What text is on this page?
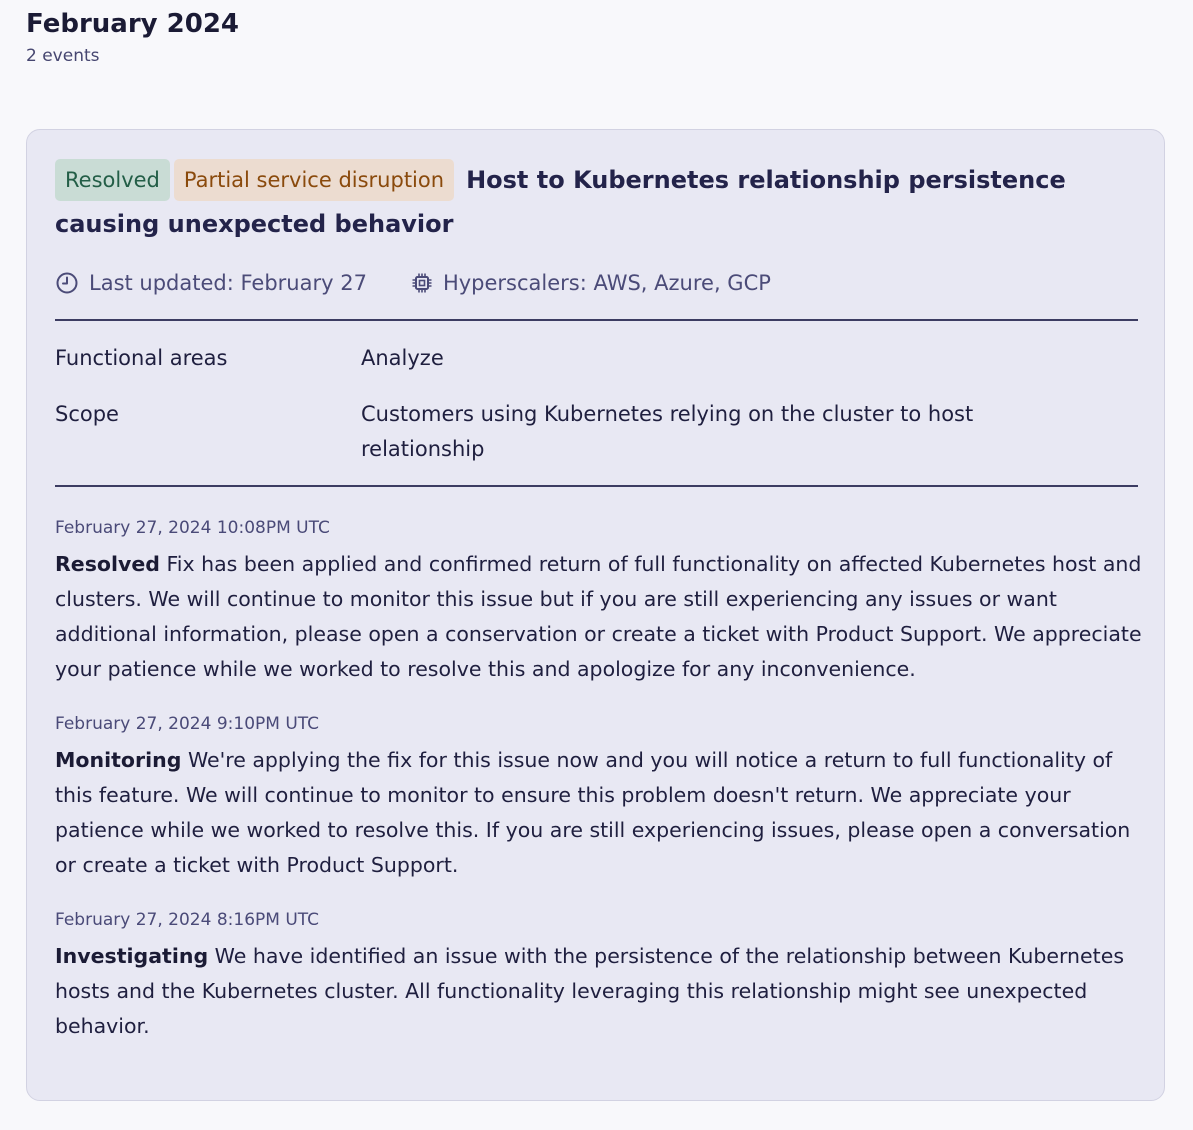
February 2024
2 events
Resolved Partial service disruption Host to Kubernetes relationship persistence causing unexpected behavior
Last updated: February 27	Hyperscalers: AWS, Azure, GCP
Functional areas	Analyze
Scope	Customers using Kubernetes relying on the cluster to host relationship
February 27, 2024 10:08PM UTC
Resolved Fix has been applied and confirmed return of full functionality on affected Kubernetes host and clusters. We will continue to monitor this issue but if you are still experiencing any issues or want additional information, please open a conservation or create a ticket with Product Support. We appreciate your patience while we worked to resolve this and apologize for any inconvenience.
February 27, 2024 9:10PM UTC
Monitoring We're applying the fix for this issue now and you will notice a return to full functionality of this feature. We will continue to monitor to ensure this problem doesn't return. We appreciate your patience while we worked to resolve this. If you are still experiencing issues, please open a conversation or create a ticket with Product Support.
February 27, 2024 8:16PM UTC
Investigating We have identified an issue with the persistence of the relationship between Kubernetes hosts and the Kubernetes cluster. All functionality leveraging this relationship might see unexpected behavior.
